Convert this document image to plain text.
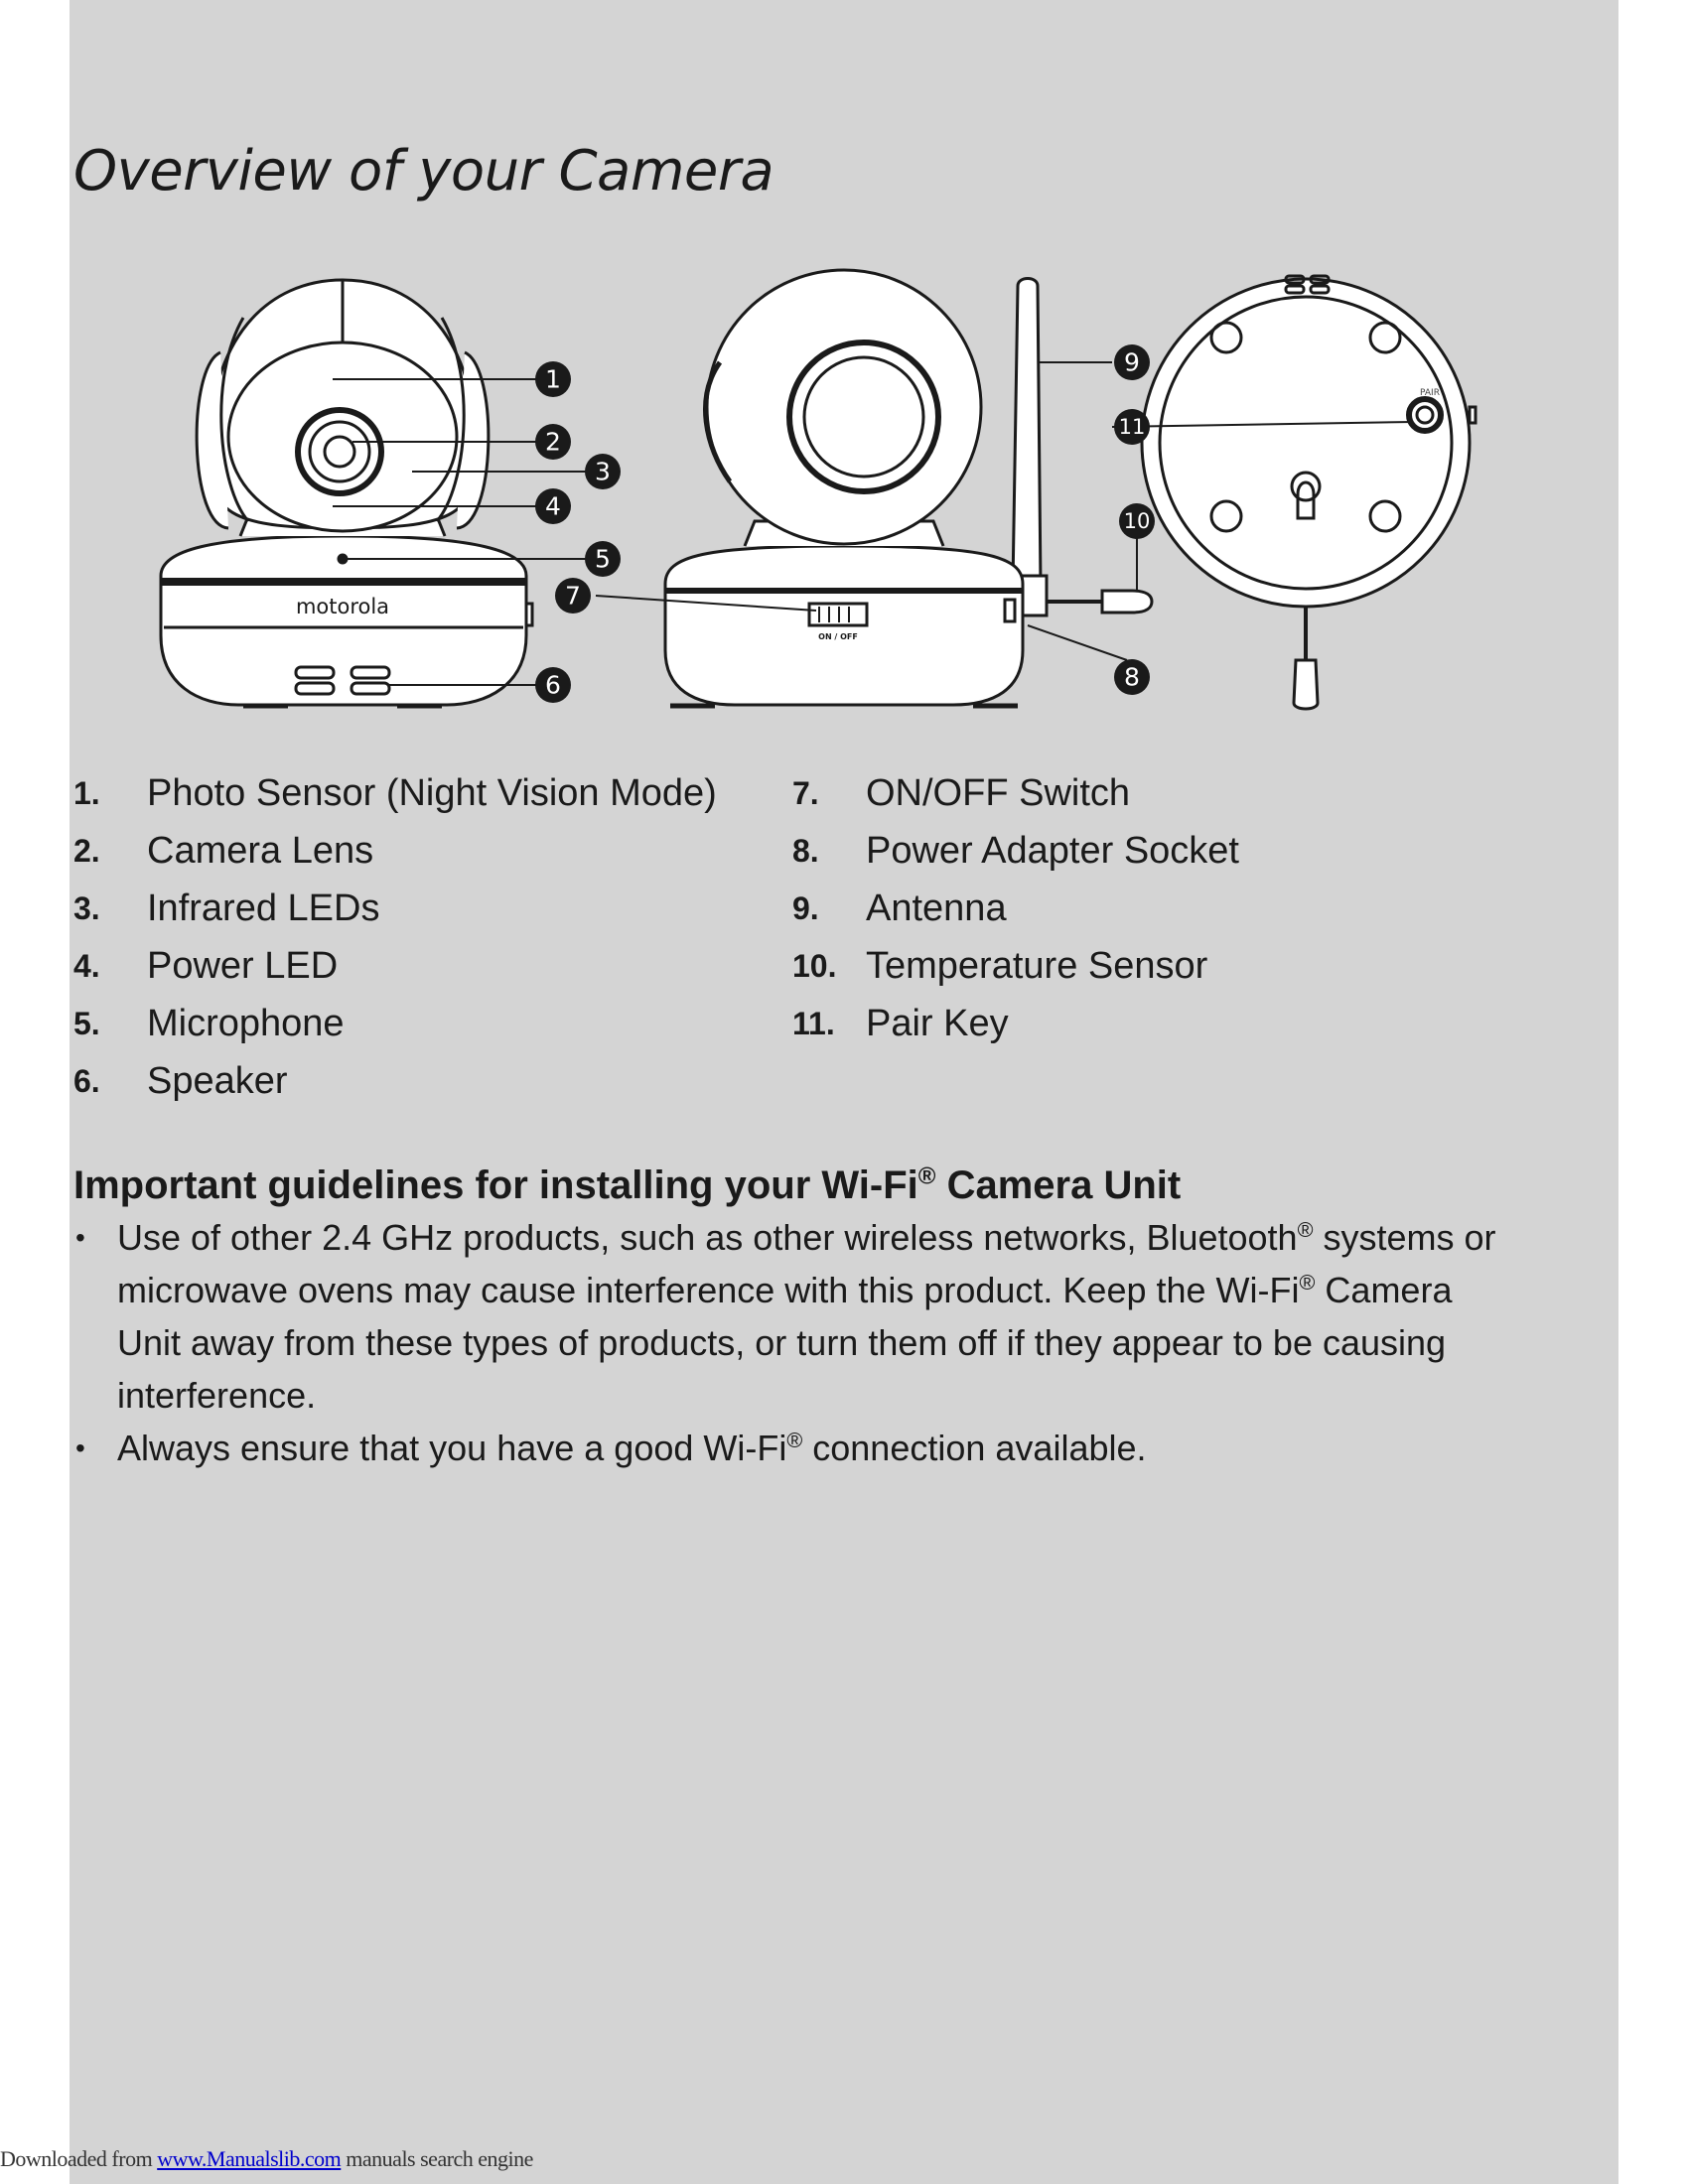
Overview of your Camera
motorola
PAIR
ON / OFF
1
2
3
4
5
6
7
8
9
10
11
1.	Photo Sensor (Night Vision Mode)
2.	Camera Lens
3.	Infrared LEDs
4.	Power LED
5.	Microphone
6.	Speaker
7.	ON/OFF Switch
8.	Power Adapter Socket
9.	Antenna
10. Temperature Sensor
11. Pair Key
Important guidelines for installing your Wi-Fi® Camera Unit
• Use of other 2.4 GHz products, such as other wireless networks, Bluetooth® systems or microwave ovens may cause interference with this product. Keep the Wi-Fi® Camera Unit away from these types of products, or turn them off if they appear to be causing interference.
• Always ensure that you have a good Wi-Fi® connection available.
Downloaded from www.Manualslib.com manuals search engine
